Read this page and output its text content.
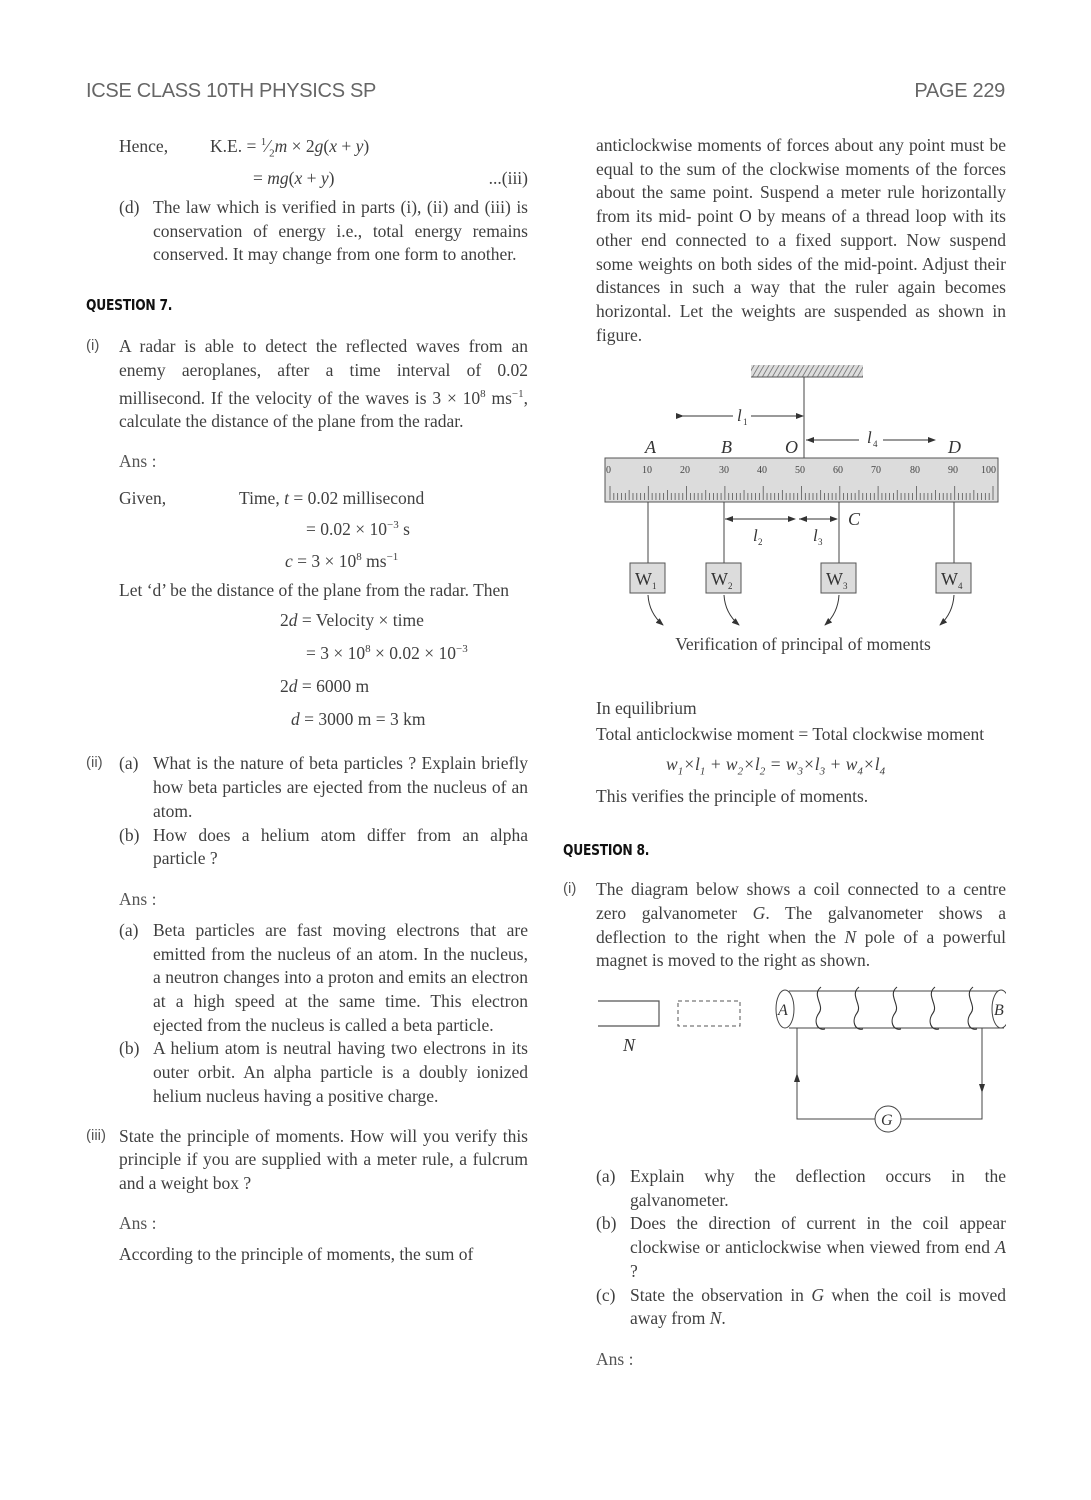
ICSE CLASS 10TH PHYSICS SP	PAGE 229
Hence, K.E. = $^1⁄_2m \times 2g(x + y)$
= mg(x + y)	...(iii)
(d) The law which is verified in parts (i), (ii) and (iii) is conservation of energy i.e., total energy remains conserved. It may change from one form to another.

QUESTION 7.
(i) A radar is able to detect the reflected waves from an enemy aeroplanes, after a time interval of 0.02 millisecond. If the velocity of the waves is $3 \times 10^8$ $ms^{-1}$, calculate the distance of the plane from the radar.

Ans :

Given,	Time, t = 0.02 millisecond
= $0.02 \times 10^{-3}$ s
$c = 3 \times 10^8$ $ms^{-1}$

Let ‘d’ be the distance of the plane from the radar. Then

2d = Velocity × time
= $3 \times 10^8 \times 0.02 \times 10^{-3}$
2d = 6000 m
d = 3000 m = 3 km
(ii) (a) What is the nature of beta particles ? Explain briefly how beta particles are ejected from the nucleus of an atom.

(b) How does a helium atom differ from an alpha particle ?

Ans :

(a) Beta particles are fast moving electrons that are emitted from the nucleus of an atom. In the nucleus, a neutron changes into a proton and emits an electron at a high speed at the same time. This electron ejected from the nucleus is called a beta particle.

(b) A helium atom is neutral having two electrons in its outer orbit. An alpha particle is a doubly ionized helium nucleus having a positive charge.

(iii) State the principle of moments. How will you verify this principle if you are supplied with a meter rule, a fulcrum and a weight box ?

Ans :

According to the principle of moments, the sum of

anticlockwise moments of forces about any point must be equal to the sum of the clockwise moments of the forces about the same point. Suspend a meter rule horizontally from its mid- point O by means of a thread loop with its other end connected to a fixed support. Now suspend some weights on both sides of the mid-point. Adjust their distances in such a way that the ruler again becomes horizontal. Let the weights are suspended as shown in figure.

l 1
l 4
A	B	O	D
0	10	20	30	40	50	60	70	80	90 100
C
l 2	l 3
W 1	W 2	W 3	W 4
Verification of principal of moments

In equilibrium

Total anticlockwise moment = Total clockwise moment

$w_1\times l_1 + w_2\times l_2 = w_3\times l_3 + w_4\times l_4$

This verifies the principle of moments.

QUESTION 8.
(i) The diagram below shows a coil connected to a centre zero galvanometer G. The galvanometer shows a deflection to the right when the N pole of a powerful magnet is moved to the right as shown.

N
A	B
G
(a) Explain why the deflection occurs in the galvanometer.

(b) Does the direction of current in the coil appear clockwise or anticlockwise when viewed from end A ?

(c) State the observation in G when the coil is moved away from N.

Ans :
